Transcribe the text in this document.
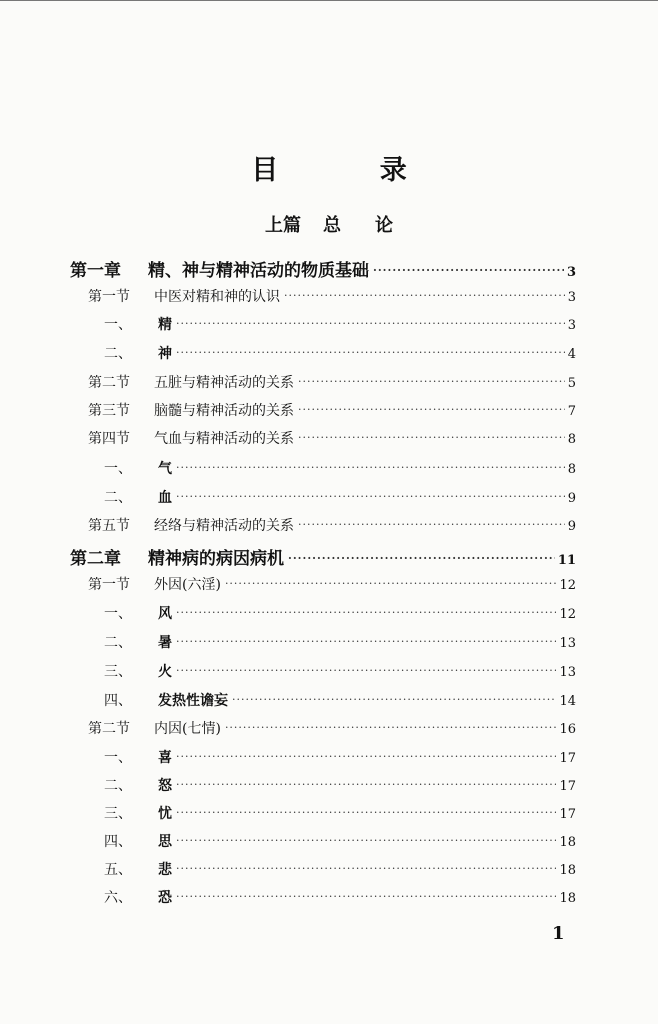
目 录
上篇 总 论
第一章	精、神与精神活动的物质基础 ·····	3
第一节	中医对精和神的认识 ·····	3
一、	精 ·····	3
二、	神 ·····	4
第二节	五脏与精神活动的关系 ·····	5
第三节	脑髓与精神活动的关系 ·····	7
第四节	气血与精神活动的关系 ·····	8
一、	气 ·····	8
二、	血 ·····	9
第五节	经络与精神活动的关系 ·····	9
第二章	精神病的病因病机 ·····	11
第一节	外因(六淫) ·····	12
一、	风 ·····	12
二、	暑 ·····	13
三、	火 ·····	13
四、	发热性谵妄 ·····	14
第二节	内因(七情) ·····	16
一、	喜 ·····	17
二、	怒 ·····	17
三、	忧 ·····	17
四、	思 ·····	18
五、	悲 ·····	18
六、	恐 ·····	18
1
